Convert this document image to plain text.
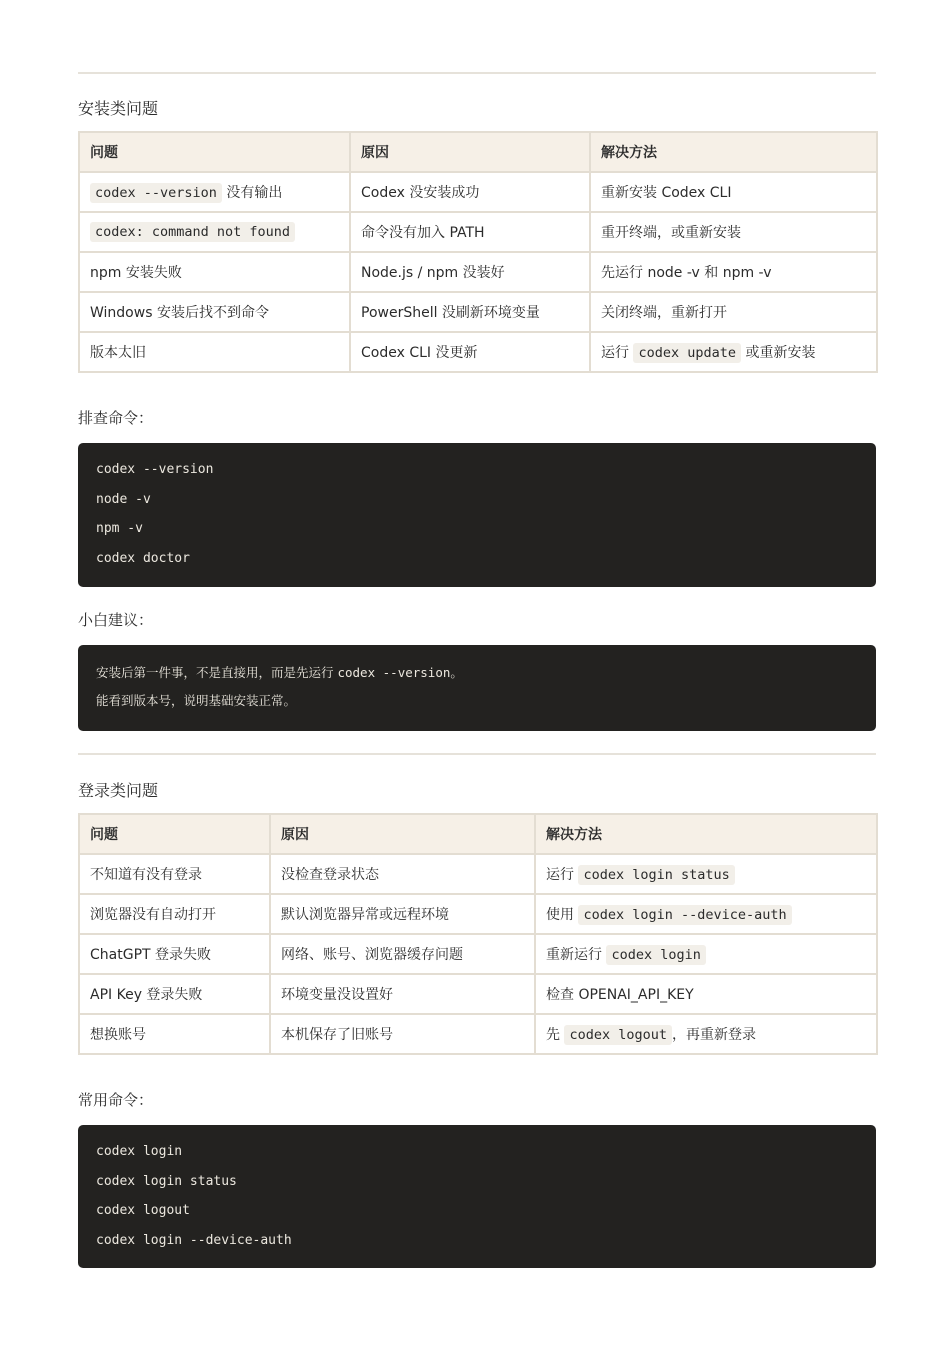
安装类问题
问题	原因	解决方法
codex --version 没有输出	Codex 没安装成功	重新安装 Codex CLI
codex: command not found	命令没有加入 PATH	重开终端，或重新安装
npm 安装失败	Node.js / npm 没装好	先运行 node -v 和 npm -v
Windows 安装后找不到命令	PowerShell 没刷新环境变量	关闭终端，重新打开
版本太旧	Codex CLI 没更新	运行 codex update 或重新安装
排查命令：
codex --version
node -v
npm -v
codex doctor
小白建议：
安装后第一件事，不是直接用，而是先运行 codex --version。
能看到版本号，说明基础安装正常。
登录类问题
问题	原因	解决方法
不知道有没有登录	没检查登录状态	运行 codex login status
浏览器没有自动打开	默认浏览器异常或远程环境	使用 codex login --device-auth
ChatGPT 登录失败	网络、账号、浏览器缓存问题	重新运行 codex login
API Key 登录失败	环境变量没设置好	检查 OPENAI_API_KEY
想换账号	本机保存了旧账号	先 codex logout ，再重新登录
常用命令：
codex login
codex login status
codex logout
codex login --device-auth
